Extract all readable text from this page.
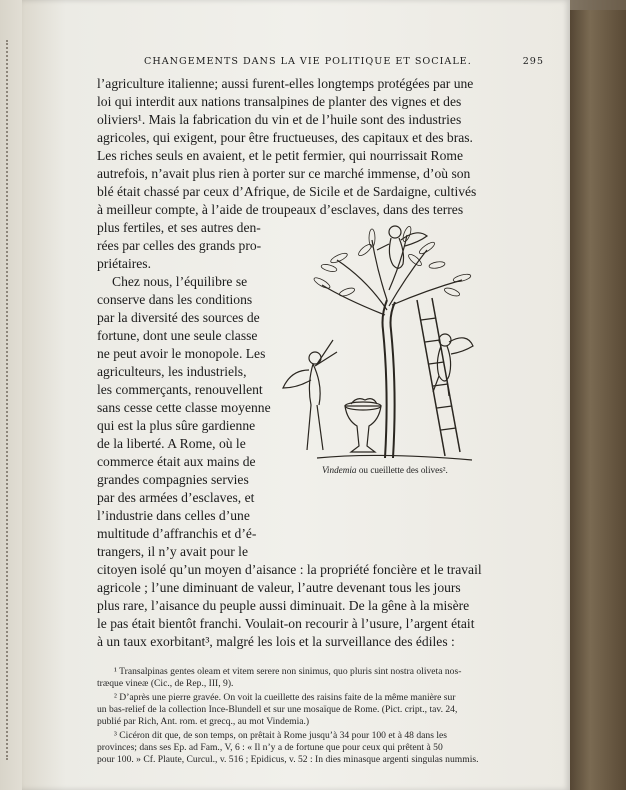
CHANGEMENTS DANS LA VIE POLITIQUE ET SOCIALE.	295
l’agriculture italienne; aussi furent-elles longtemps protégées par une
loi qui interdit aux nations transalpines de planter des vignes et des
oliviers¹. Mais la fabrication du vin et de l’huile sont des industries
agricoles, qui exigent, pour être fructueuses, des capitaux et des bras.
Les riches seuls en avaient, et le petit fermier, qui nourrissait Rome
autrefois, n’avait plus rien à porter sur ce marché immense, d’où son
blé était chassé par ceux d’Afrique, de Sicile et de Sardaigne, cultivés
à meilleur compte, à l’aide de troupeaux d’esclaves, dans des terres
plus fertiles, et ses autres den-
rées par celles des grands pro-
priétaires.
Chez nous, l’équilibre se
conserve dans les conditions
par la diversité des sources de
fortune, dont une seule classe
ne peut avoir le monopole. Les
agriculteurs, les industriels,
les commerçants, renouvellent
sans cesse cette classe moyenne
qui est la plus sûre gardienne
de la liberté. A Rome, où le
commerce était aux mains de
grandes compagnies servies
par des armées d’esclaves, et
l’industrie dans celles d’une
multitude d’affranchis et d’é-
trangers, il n’y avait pour le
citoyen isolé qu’un moyen d’aisance : la propriété foncière et le travail
agricole ; l’une diminuant de valeur, l’autre devenant tous les jours
plus rare, l’aisance du peuple aussi diminuait. De la gêne à la misère
le pas était bientôt franchi. Voulait-on recourir à l’usure, l’argent était
à un taux exorbitant³, malgré les lois et la surveillance des édiles :
Vindemia ou cueillette des olives².
¹ Transalpinas gentes oleam et vitem serere non sinimus, quo pluris sint nostra oliveta nos-
træque vineæ (Cic., de Rep., III, 9).
² D’après une pierre gravée. On voit la cueillette des raisins faite de la même manière sur
un bas-relief de la collection Ince-Blundell et sur une mosaïque de Rome. (Pict. cript., tav. 24,
publié par Rich, Ant. rom. et grecq., au mot Vindemia.)
³ Cicéron dit que, de son temps, on prêtait à Rome jusqu’à 34 pour 100 et à 48 dans les
provinces; dans ses Ep. ad Fam., V, 6 : « Il n’y a de fortune que pour ceux qui prêtent à 50
pour 100. » Cf. Plaute, Curcul., v. 516 ; Epidicus, v. 52 : In dies minasque argenti singulas nummis.
